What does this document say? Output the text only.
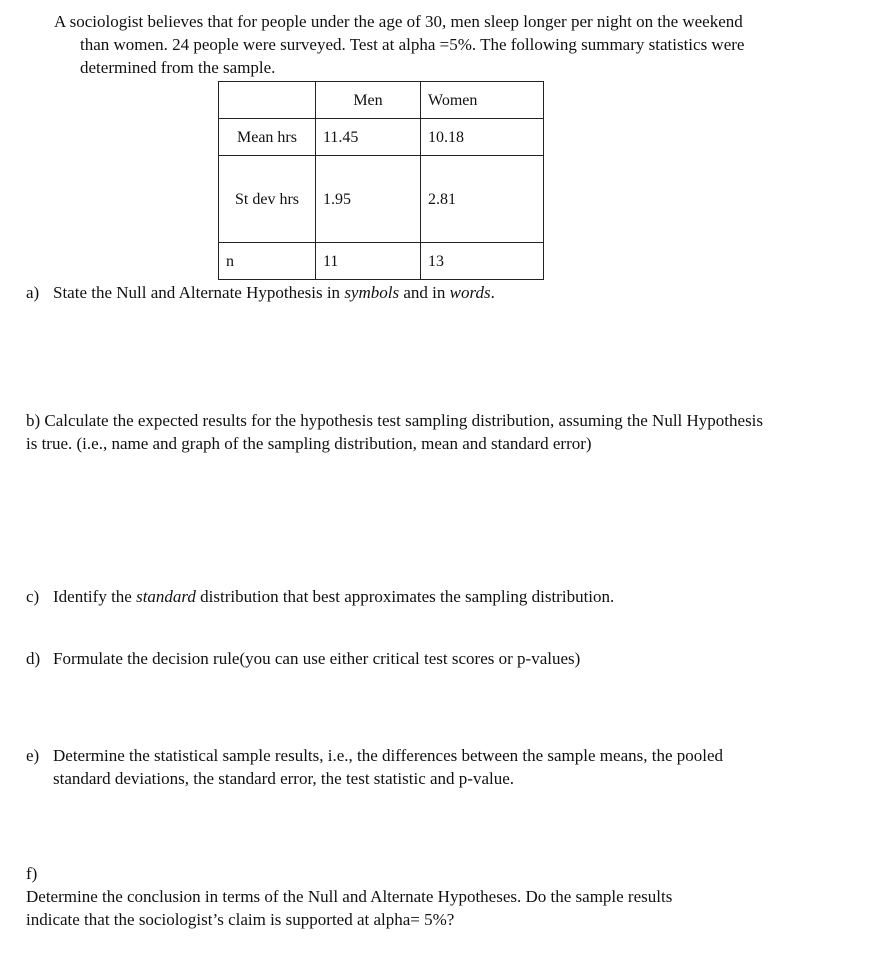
A sociologist believes that for people under the age of 30, men sleep longer per night on the weekend
than women. 24 people were surveyed. Test at alpha =5%. The following summary statistics were
determined from the sample.
	Men	Women
Mean hrs	11.45	10.18
St dev hrs	1.95	2.81
n	11	13
a) State the Null and Alternate Hypothesis in symbols and in words.
b) Calculate the expected results for the hypothesis test sampling distribution, assuming the Null Hypothesis
is true. (i.e., name and graph of the sampling distribution, mean and standard error)
c) Identify the standard distribution that best approximates the sampling distribution.
d) Formulate the decision rule(you can use either critical test scores or p-values)
e) Determine the statistical sample results, i.e., the differences between the sample means, the pooled
standard deviations, the standard error, the test statistic and p-value.
f)
Determine the conclusion in terms of the Null and Alternate Hypotheses. Do the sample results
indicate that the sociologist’s claim is supported at alpha= 5%?
